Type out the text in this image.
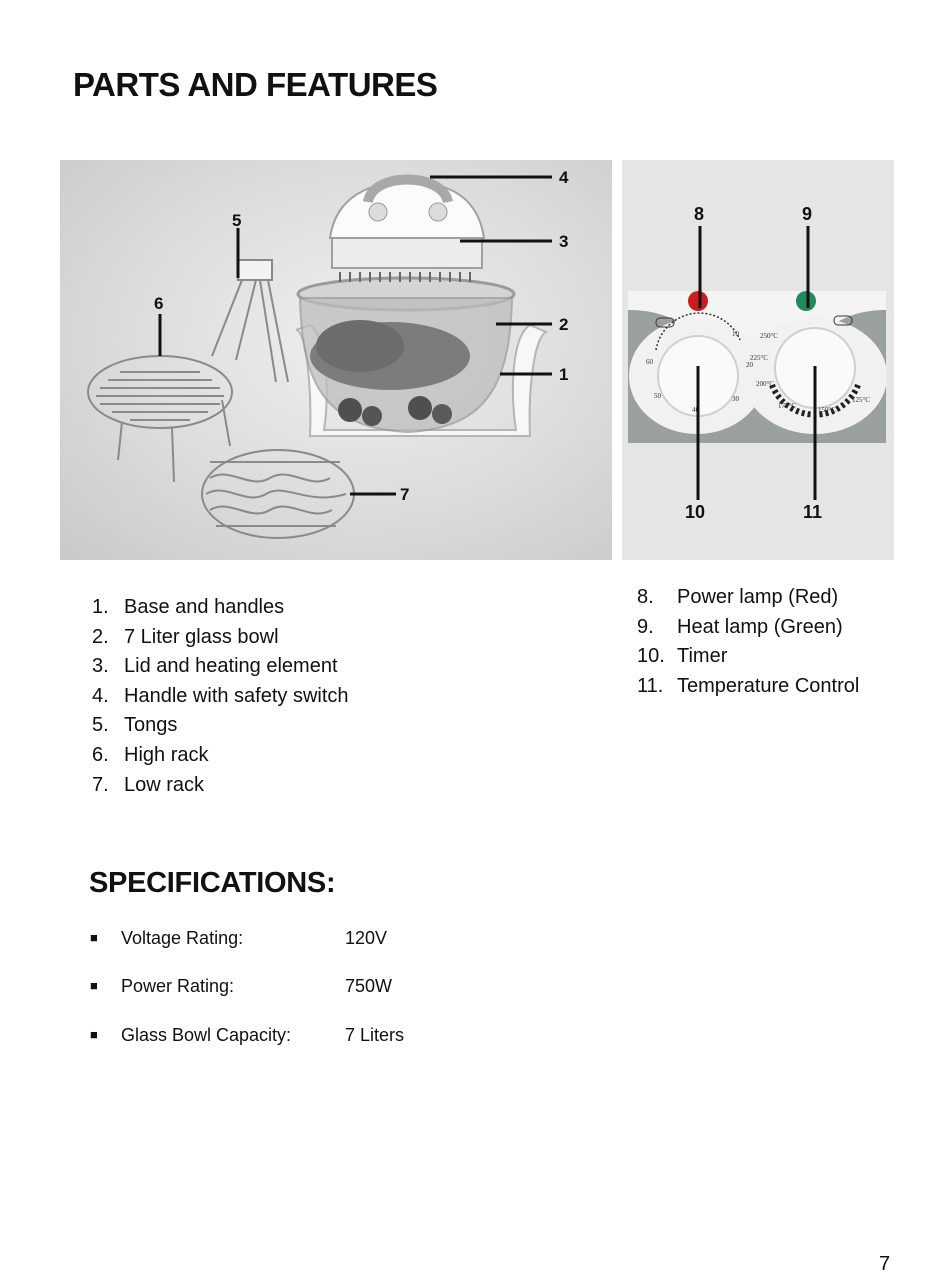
PARTS AND FEATURES
4
5
3
6
2
1
7
10
20
30
40
50
60
250°C
225°C
200°C
175°C	150°C
125°C
8	9
10	11
1. Base and handles
2. 7 Liter glass bowl
3. Lid and heating element
4. Handle with safety switch
5. Tongs
6. High rack
7. Low rack
8. Power lamp (Red)
9. Heat lamp (Green)
10. Timer
11. Temperature Control
SPECIFICATIONS:
■ Voltage Rating:	120V
■ Power Rating:	750W
■ Glass Bowl Capacity:	7 Liters
7
